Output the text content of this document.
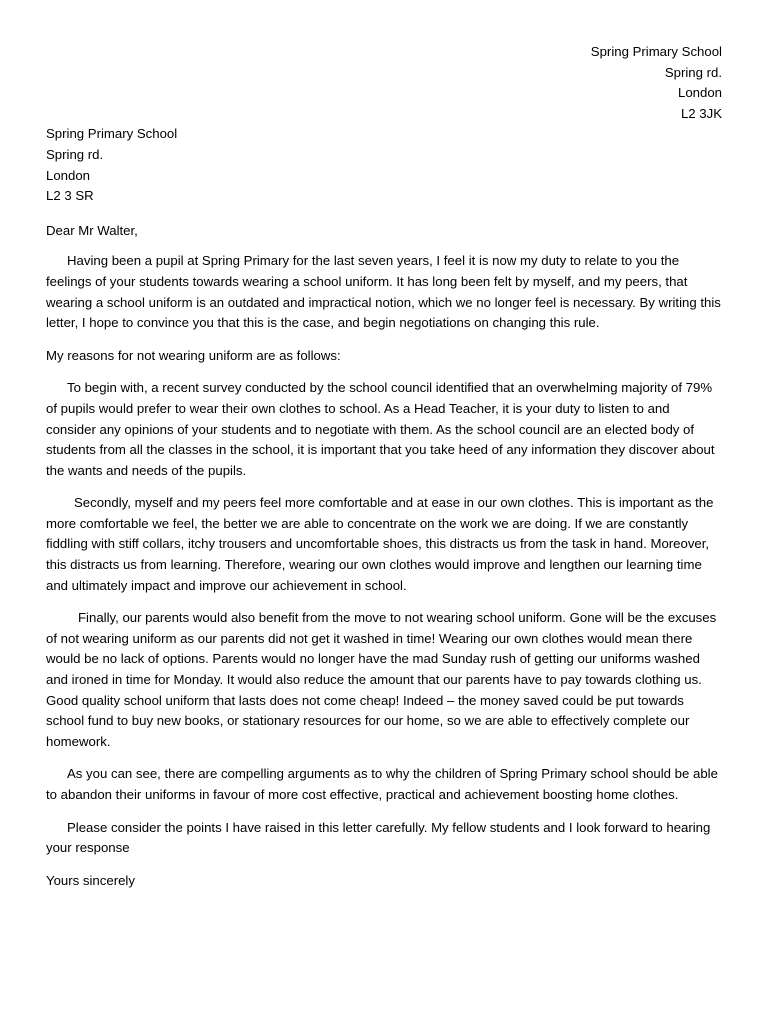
Spring Primary School
Spring rd.
London
L2 3JK
Spring Primary School
Spring rd.
London
L2 3 SR
Dear Mr Walter,

Having been a pupil at Spring Primary for the last seven years, I feel it is now my duty to relate to you the feelings of your students towards wearing a school uniform. It has long been felt by myself, and my peers, that wearing a school uniform is an outdated and impractical notion, which we no longer feel is necessary. By writing this letter, I hope to convince you that this is the case, and begin negotiations on changing this rule.

My reasons for not wearing uniform are as follows:

To begin with, a recent survey conducted by the school council identified that an overwhelming majority of 79% of pupils would prefer to wear their own clothes to school. As a Head Teacher, it is your duty to listen to and consider any opinions of your students and to negotiate with them. As the school council are an elected body of students from all the classes in the school, it is important that you take heed of any information they discover about the wants and needs of the pupils.

Secondly, myself and my peers feel more comfortable and at ease in our own clothes. This is important as the more comfortable we feel, the better we are able to concentrate on the work we are doing. If we are constantly fiddling with stiff collars, itchy trousers and uncomfortable shoes, this distracts us from the task in hand. Moreover, this distracts us from learning. Therefore, wearing our own clothes would improve and lengthen our learning time and ultimately impact and improve our achievement in school.

Finally, our parents would also benefit from the move to not wearing school uniform. Gone will be the excuses of not wearing uniform as our parents did not get it washed in time! Wearing our own clothes would mean there would be no lack of options. Parents would no longer have the mad Sunday rush of getting our uniforms washed and ironed in time for Monday. It would also reduce the amount that our parents have to pay towards clothing us. Good quality school uniform that lasts does not come cheap! Indeed – the money saved could be put towards school fund to buy new books, or stationary resources for our home, so we are able to effectively complete our homework.

As you can see, there are compelling arguments as to why the children of Spring Primary school should be able to abandon their uniforms in favour of more cost effective, practical and achievement boosting home clothes.

Please consider the points I have raised in this letter carefully. My fellow students and I look forward to hearing your response

Yours sincerely
